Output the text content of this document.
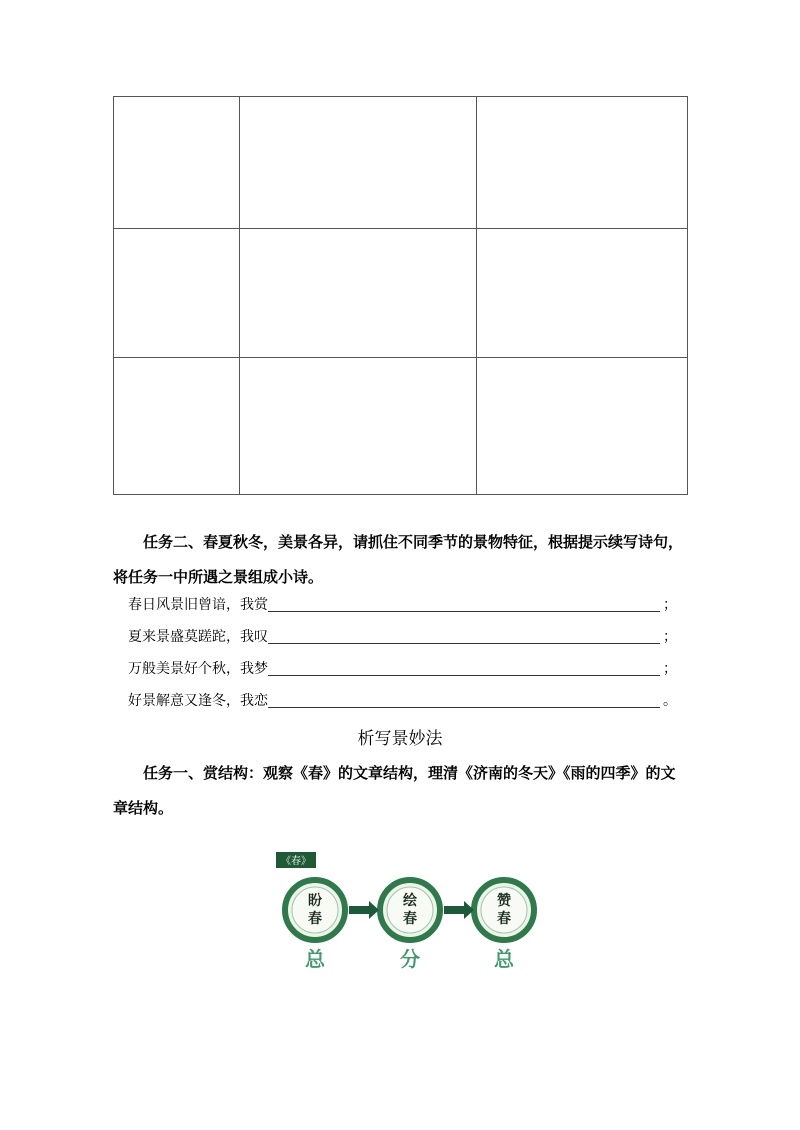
任务二、春夏秋冬，美景各异，请抓住不同季节的景物特征，根据提示续写诗句，
将任务一中所遇之景组成小诗。

春日风景旧曾谙，我赏	；
夏来景盛莫蹉跎，我叹	；
万般美景好个秋，我梦	；
好景解意又逢冬，我恋	。
析写景妙法

任务一、赏结构：观察《春》的文章结构，理清《济南的冬天》《雨的四季》的文
章结构。

《春》
盼
春
绘
春
赞
春
总	分	总
